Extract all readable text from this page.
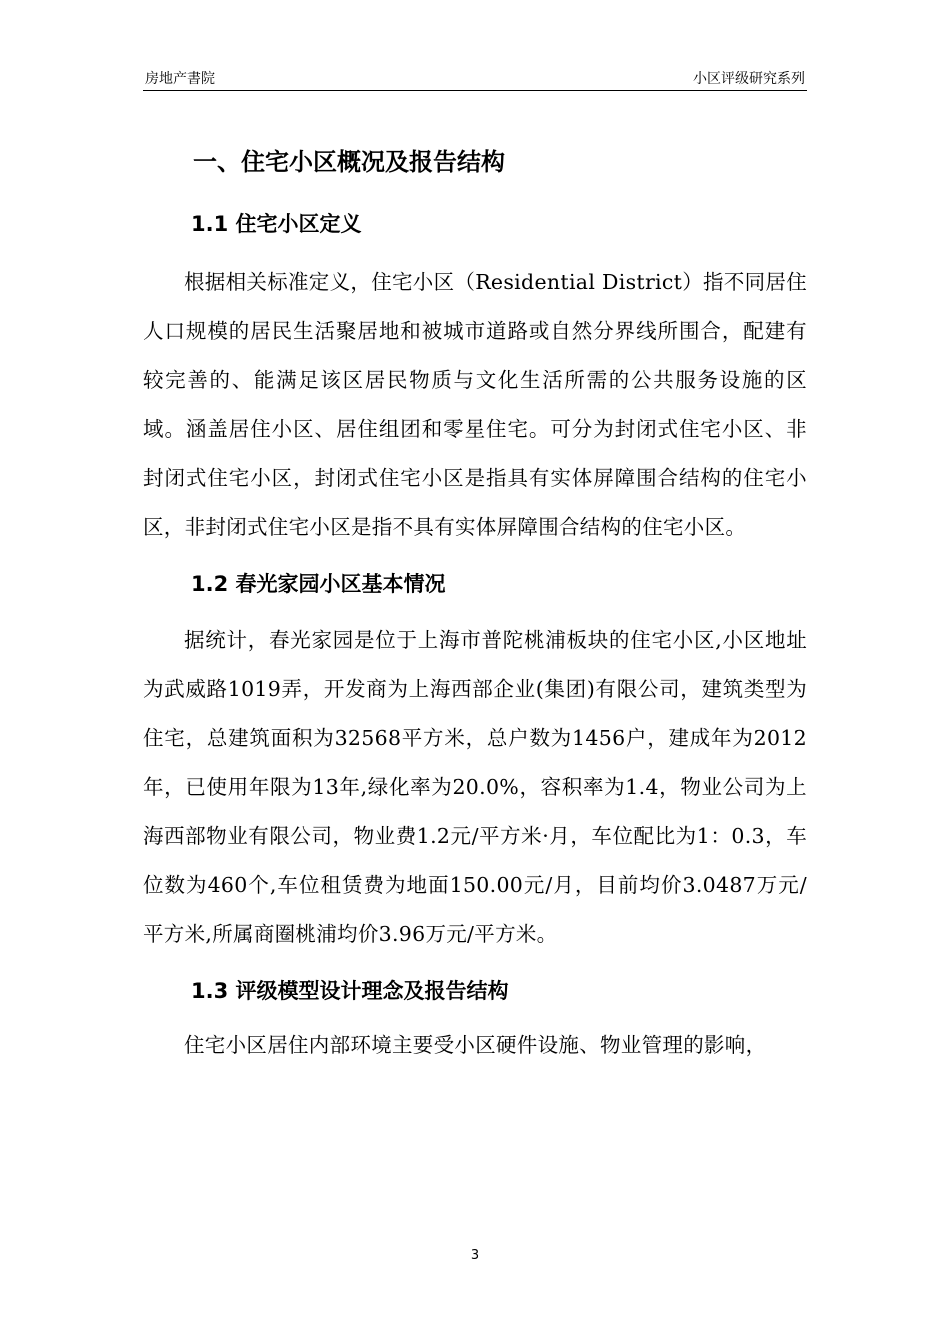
房地产書院	小区评级研究系列
一、住宅小区概况及报告结构
1.1 住宅小区定义

根据相关标准定义，住宅小区（Residential District）指不同居住人口规模的居民生活聚居地和被城市道路或自然分界线所围合，配建有较完善的、能满足该区居民物质与文化生活所需的公共服务设施的区域。涵盖居住小区、居住组团和零星住宅。可分为封闭式住宅小区、非封闭式住宅小区，封闭式住宅小区是指具有实体屏障围合结构的住宅小区，非封闭式住宅小区是指不具有实体屏障围合结构的住宅小区。

1.2 春光家园小区基本情况

据统计，春光家园是位于上海市普陀桃浦板块的住宅小区,小区地址为武威路1019弄，开发商为上海西部企业(集团)有限公司，建筑类型为住宅，总建筑面积为32568平方米，总户数为1456户，建成年为2012年，已使用年限为13年,绿化率为20.0%，容积率为1.4，物业公司为上海西部物业有限公司，物业费1.2元/平方米·月，车位配比为1：0.3，车位数为460个,车位租赁费为地面150.00元/月，目前均价3.0487万元/平方米,所属商圈桃浦均价3.96万元/平方米。

1.3 评级模型设计理念及报告结构

住宅小区居住内部环境主要受小区硬件设施、物业管理的影响，

3
